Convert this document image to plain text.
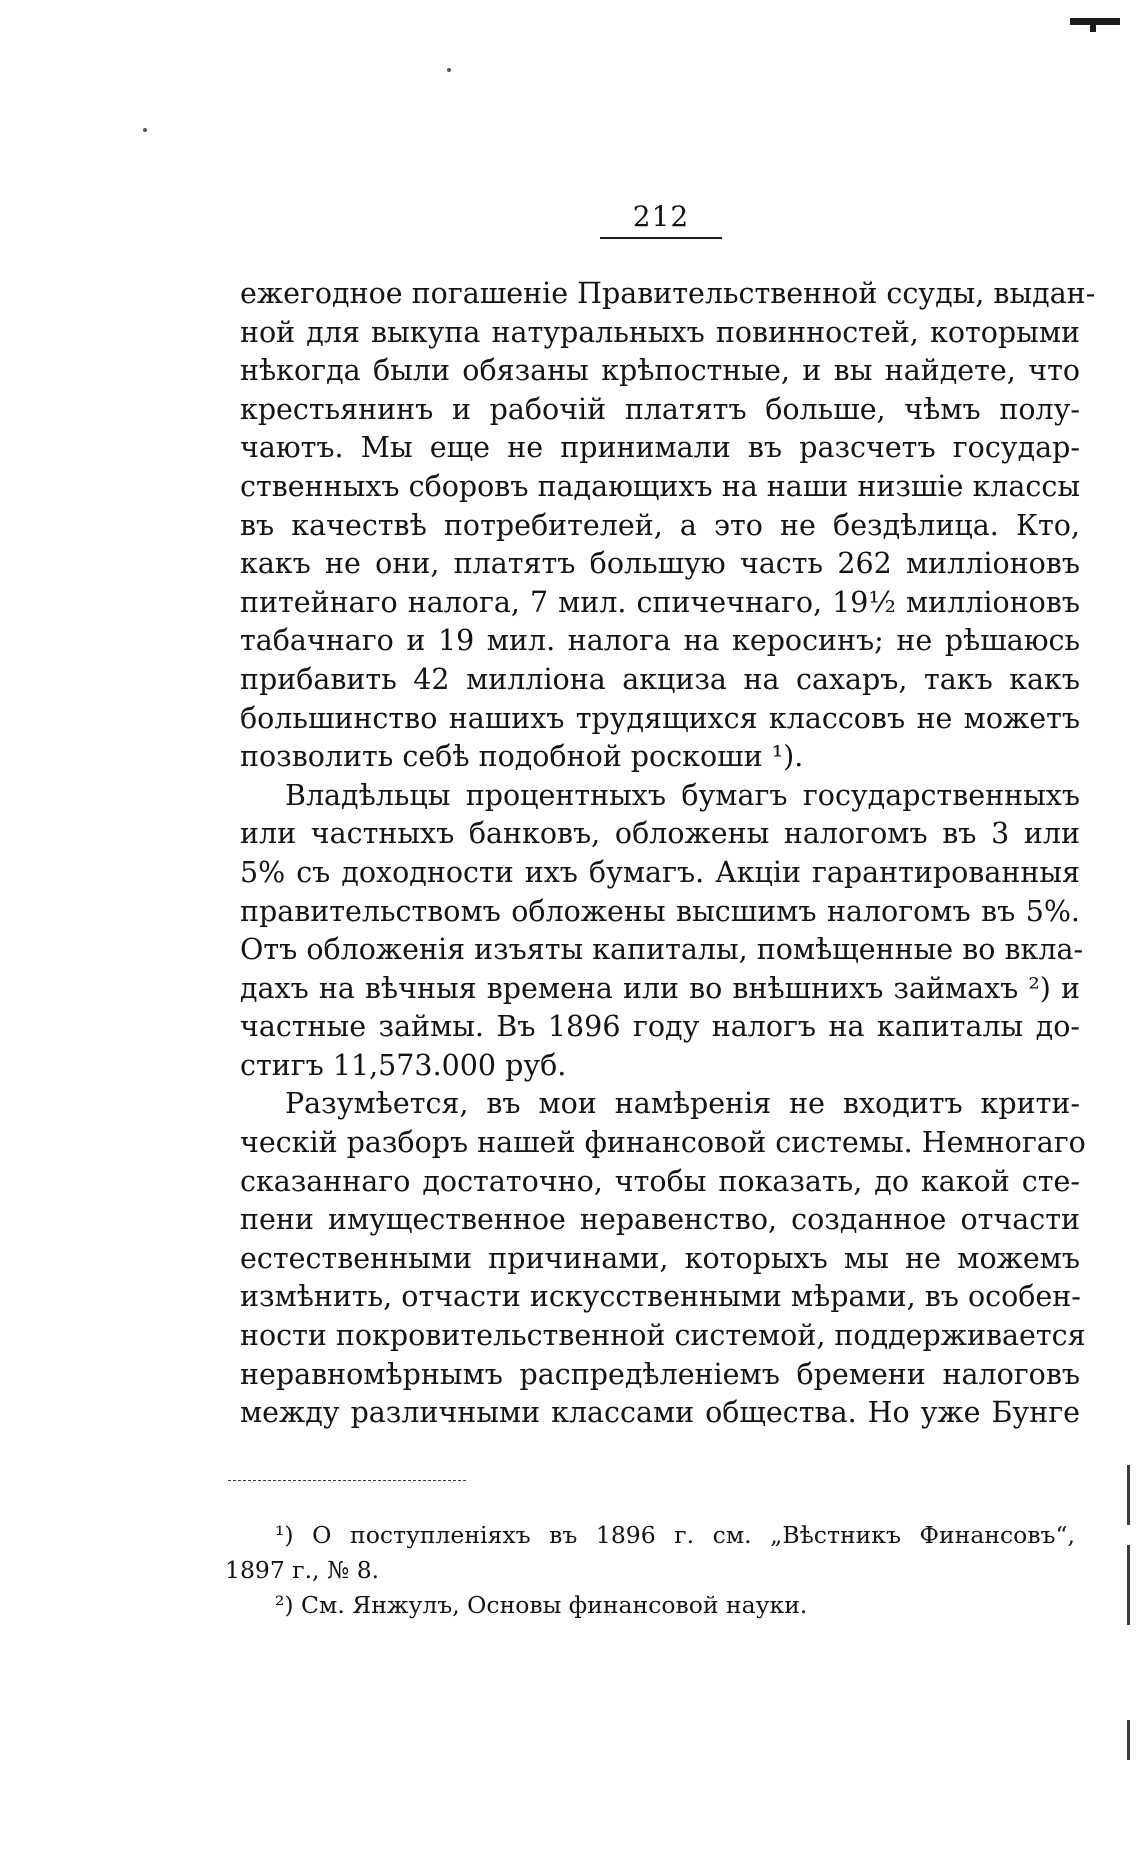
212
ежегодное погашеніе Правительственной ссуды, выдан-
ной для выкупа натуральныхъ повинностей, которыми
нѣкогда были обязаны крѣпостные, и вы найдете, что
крестьянинъ и рабочій платятъ больше, чѣмъ полу-
чаютъ. Мы еще не принимали въ разсчетъ государ-
ственныхъ сборовъ падающихъ на наши низшіе классы
въ качествѣ потребителей, а это не бездѣлица. Кто,
какъ не они, платятъ большую часть 262 милліоновъ
питейнаго налога, 7 мил. спичечнаго, 19½ милліоновъ
табачнаго и 19 мил. налога на керосинъ; не рѣшаюсь
прибавить 42 милліона акциза на сахаръ, такъ какъ
большинство нашихъ трудящихся классовъ не можетъ
позволить себѣ подобной роскоши ¹).
Владѣльцы процентныхъ бумагъ государственныхъ
или частныхъ банковъ, обложены налогомъ въ 3 или
5% съ доходности ихъ бумагъ. Акціи гарантированныя
правительствомъ обложены высшимъ налогомъ въ 5%.
Отъ обложенія изъяты капиталы, помѣщенные во вкла-
дахъ на вѣчныя времена или во внѣшнихъ займахъ ²) и
частные займы. Въ 1896 году налогъ на капиталы до-
стигъ 11,573.000 руб.
Разумѣется, въ мои намѣренія не входитъ крити-
ческій разборъ нашей финансовой системы. Немногаго
сказаннаго достаточно, чтобы показать, до какой сте-
пени имущественное неравенство, созданное отчасти
естественными причинами, которыхъ мы не можемъ
измѣнить, отчасти искусственными мѣрами, въ особен-
ности покровительственной системой, поддерживается
неравномѣрнымъ распредѣленіемъ бремени налоговъ
между различными классами общества. Но уже Бунге
¹) О поступленіяхъ въ 1896 г. см. „Вѣстникъ Финансовъ“,
1897 г., № 8.
²) См. Янжулъ, Основы финансовой науки.
